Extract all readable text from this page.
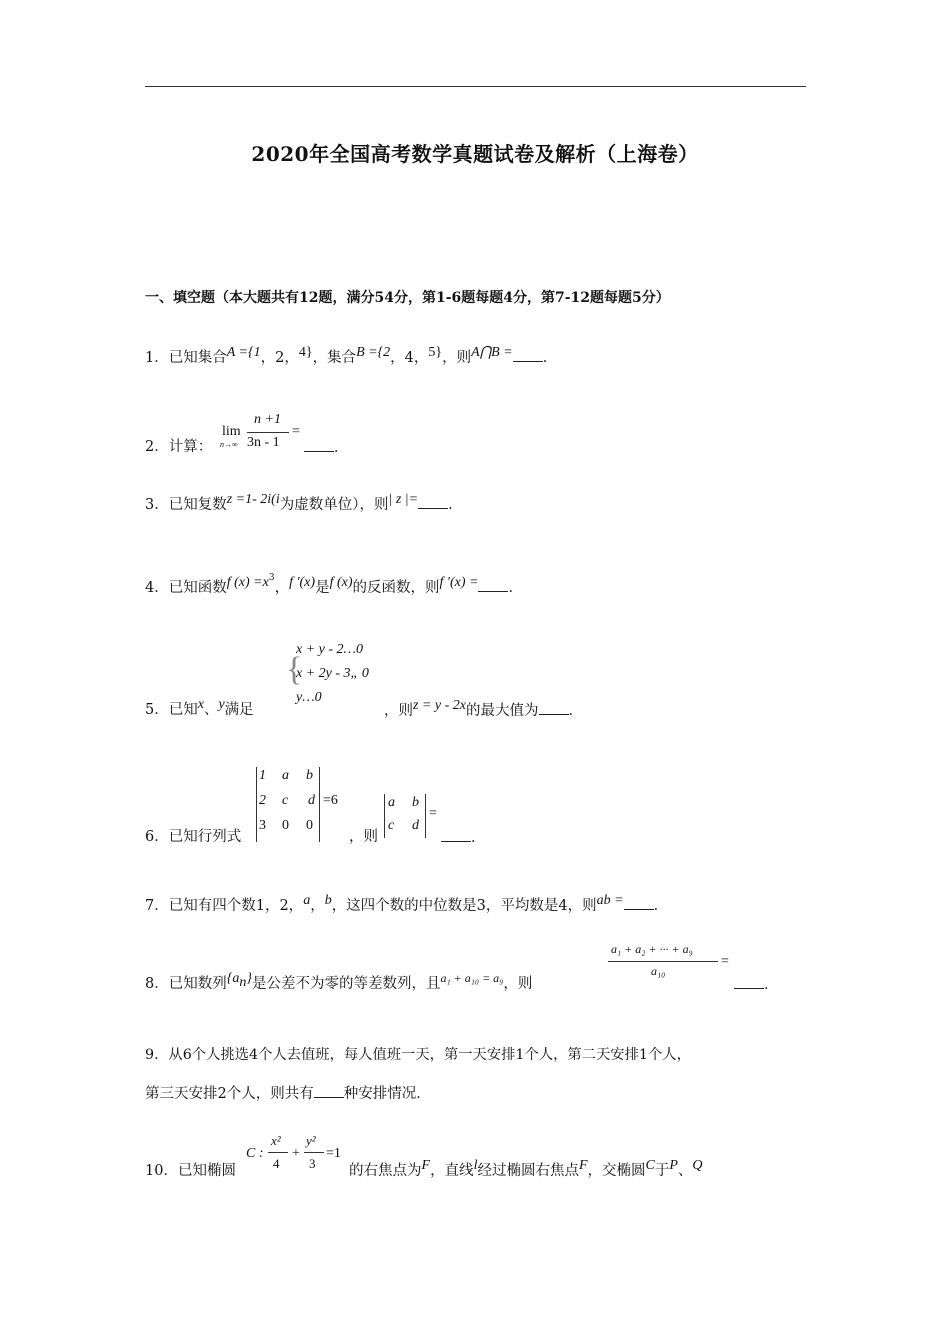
2020年全国高考数学真题试卷及解析（上海卷）
一、填空题（本大题共有12题，满分54分，第1-6题每题4分，第7-12题每题5分）
1．已知集合A ={1，2，4}，集合B ={2，4，5}，则A⋂B = ．
2．计算：
lim
n→∞
n +1
3n - 1
=
．
3．已知复数z =1- 2i(i为虚数单位），则| z |= ．
4．已知函数f $(x) =x^3$，f ′(x)是f (x)的反函数，则f ′(x) = ．
{
x + y - 2…0
x + 2y - 3„ 0
y…0
5．已知x、y满足	，则z = y - 2x的最大值为 ．
1 a b
2 c d
3 0 0
=6	a b
c d
=
6．已知行列式	，则	．
7．已知有四个数1，2，a，b，这四个数的中位数是3，平均数是4，则ab = ．
a₁ + a₂ + ··· + a₉
a₁₀
=
8．已知数列$\{a_n\}$是公差不为零的等差数列，且$^{a_1 + a_{10} = a_9}$，则	．
9．从6个人挑选4个人去值班，每人值班一天，第一天安排1个人，第二天安排1个人，
第三天安排2个人，则共有 种安排情况．
C :
x²
4
+
y²
3
=1
10．已知椭圆	的右焦点为F，直线l经过椭圆右焦点F，交椭圆C于P、Q
